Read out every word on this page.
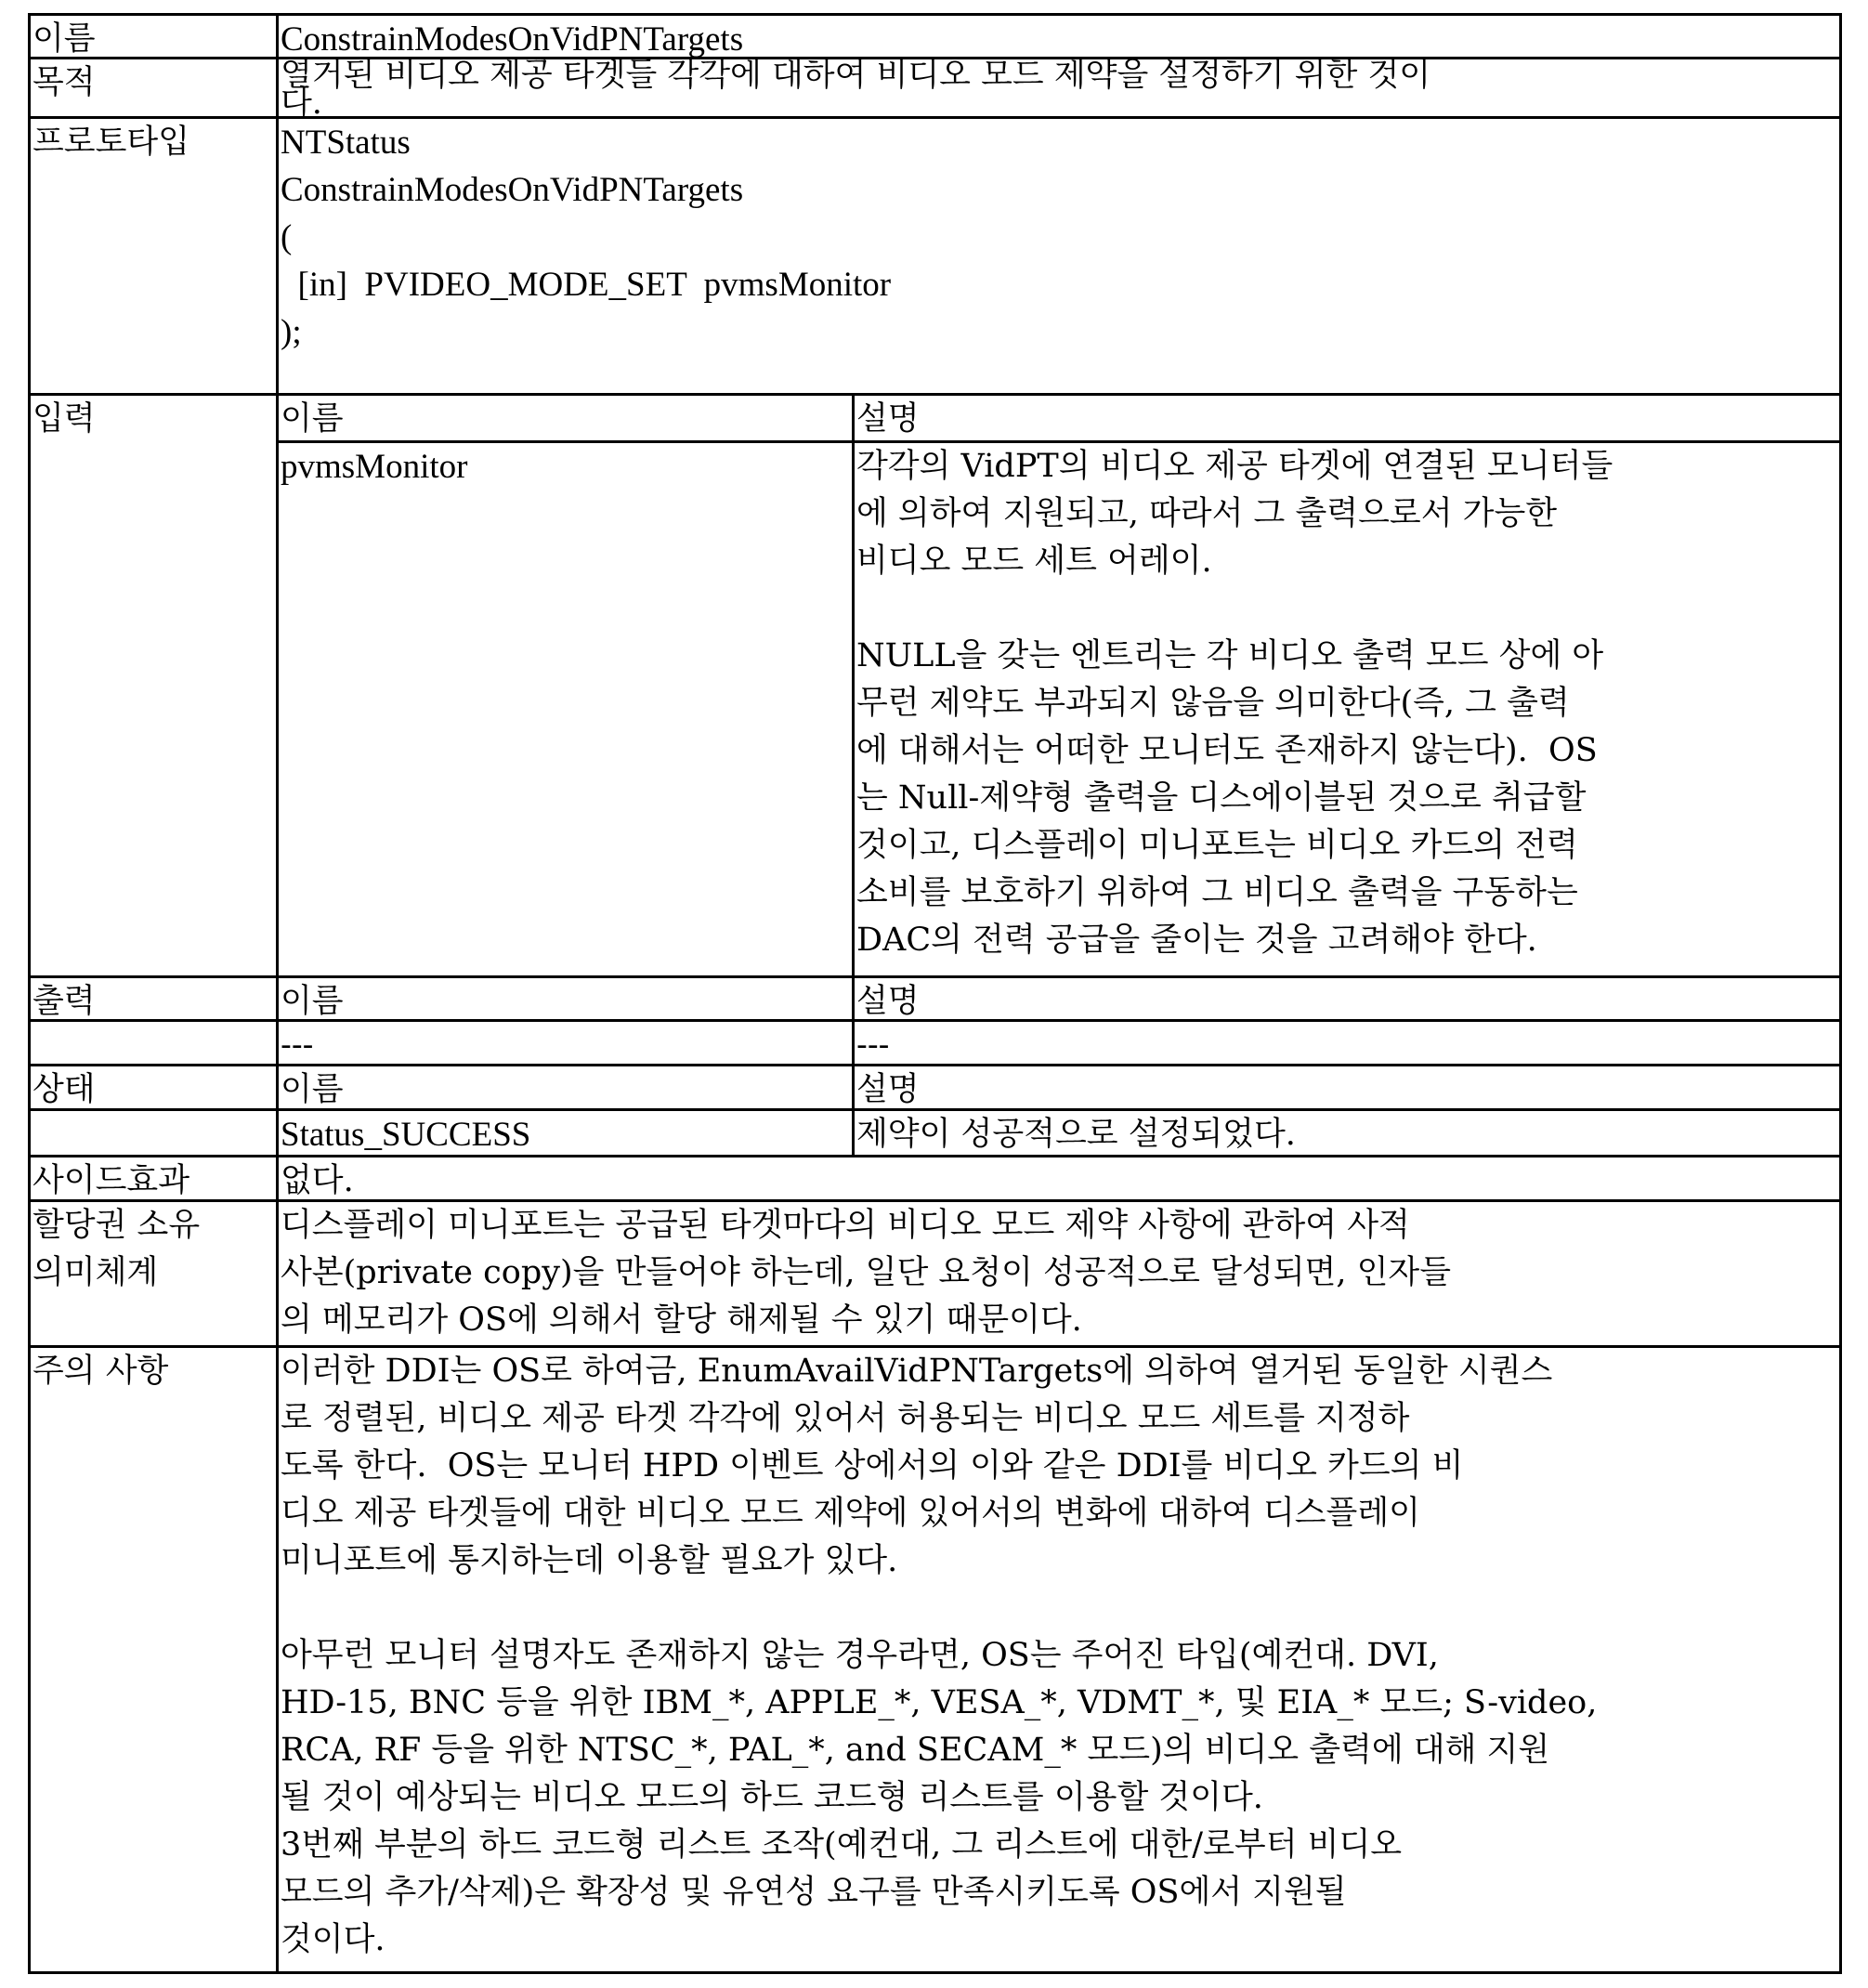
이름	ConstrainModesOnVidPNTargets
목적	열거된 비디오 제공 타겟들 각각에 대하여 비디오 모드 제약을 설정하기 위한 것이
다.
프로토타입	NTStatus
ConstrainModesOnVidPNTargets
(
[in]  PVIDEO_MODE_SET  pvmsMonitor
);
입력	이름	설명
pvmsMonitor	각각의 VidPT의 비디오 제공 타겟에 연결된 모니터들
에 의하여 지원되고, 따라서 그 출력으로서 가능한
비디오 모드 세트 어레이.
NULL을 갖는 엔트리는 각 비디오 출력 모드 상에 아
무런 제약도 부과되지 않음을 의미한다(즉, 그 출력
에 대해서는 어떠한 모니터도 존재하지 않는다).  OS
는 Null-제약형 출력을 디스에이블된 것으로 취급할
것이고, 디스플레이 미니포트는 비디오 카드의 전력
소비를 보호하기 위하여 그 비디오 출력을 구동하는
DAC의 전력 공급을 줄이는 것을 고려해야 한다.
출력	이름	설명
---	---
상태	이름	설명
Status_SUCCESS	제약이 성공적으로 설정되었다.
사이드효과	없다.
할당권 소유
의미체계
디스플레이 미니포트는 공급된 타겟마다의 비디오 모드 제약 사항에 관하여 사적
사본(private copy)을 만들어야 하는데, 일단 요청이 성공적으로 달성되면, 인자들
의 메모리가 OS에 의해서 할당 해제될 수 있기 때문이다.
주의 사항	이러한 DDI는 OS로 하여금, EnumAvailVidPNTargets에 의하여 열거된 동일한 시퀀스
로 정렬된, 비디오 제공 타겟 각각에 있어서 허용되는 비디오 모드 세트를 지정하
도록 한다.  OS는 모니터 HPD 이벤트 상에서의 이와 같은 DDI를 비디오 카드의 비
디오 제공 타겟들에 대한 비디오 모드 제약에 있어서의 변화에 대하여 디스플레이
미니포트에 통지하는데 이용할 필요가 있다.
아무런 모니터 설명자도 존재하지 않는 경우라면, OS는 주어진 타입(예컨대. DVI,
HD-15, BNC 등을 위한 IBM_*, APPLE_*, VESA_*, VDMT_*, 및 EIA_* 모드; S-video,
RCA, RF 등을 위한 NTSC_*, PAL_*, and SECAM_* 모드)의 비디오 출력에 대해 지원
될 것이 예상되는 비디오 모드의 하드 코드형 리스트를 이용할 것이다.
3번째 부분의 하드 코드형 리스트 조작(예컨대, 그 리스트에 대한/로부터 비디오
모드의 추가/삭제)은 확장성 및 유연성 요구를 만족시키도록 OS에서 지원될
것이다.
